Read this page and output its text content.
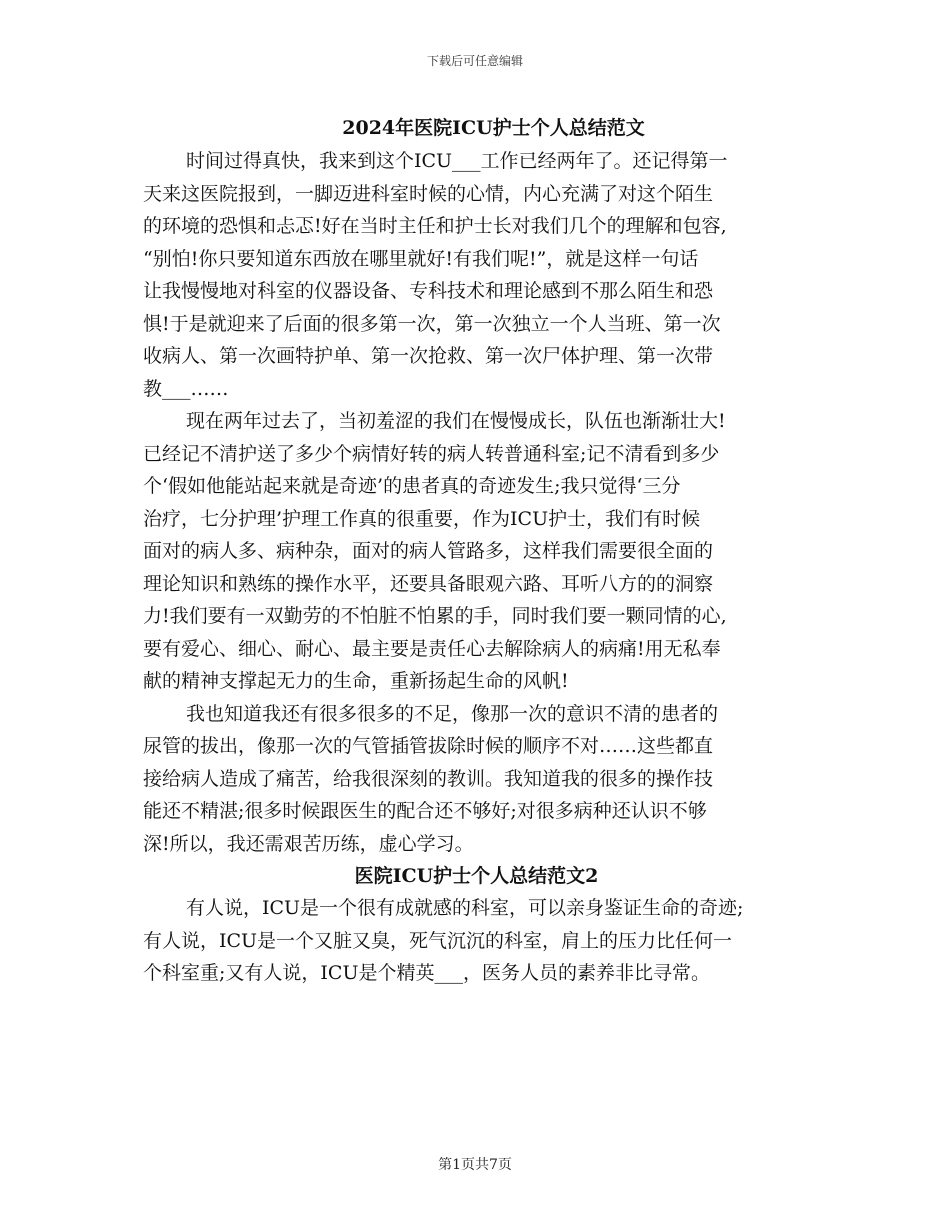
下载后可任意编辑
2024年医院ICU护士个人总结范文
时间过得真快，我来到这个ICU___工作已经两年了。还记得第一
天来这医院报到，一脚迈进科室时候的心情，内心充满了对这个陌生
的环境的恐惧和忐忑!好在当时主任和护士长对我们几个的理解和包容,
“别怕!你只要知道东西放在哪里就好!有我们呢!”，就是这样一句话
让我慢慢地对科室的仪器设备、专科技术和理论感到不那么陌生和恐
惧!于是就迎来了后面的很多第一次，第一次独立一个人当班、第一次
收病人、第一次画特护单、第一次抢救、第一次尸体护理、第一次带
教___……
现在两年过去了，当初羞涩的我们在慢慢成长，队伍也渐渐壮大!
已经记不清护送了多少个病情好转的病人转普通科室;记不清看到多少
个‘假如他能站起来就是奇迹’的患者真的奇迹发生;我只觉得‘三分
治疗，七分护理’护理工作真的很重要，作为ICU护士，我们有时候
面对的病人多、病种杂，面对的病人管路多，这样我们需要很全面的
理论知识和熟练的操作水平，还要具备眼观六路、耳听八方的的洞察
力!我们要有一双勤劳的不怕脏不怕累的手，同时我们要一颗同情的心,
要有爱心、细心、耐心、最主要是责任心去解除病人的病痛!用无私奉
献的精神支撑起无力的生命，重新扬起生命的风帆!
我也知道我还有很多很多的不足，像那一次的意识不清的患者的
尿管的拔出，像那一次的气管插管拔除时候的顺序不对……这些都直
接给病人造成了痛苦，给我很深刻的教训。我知道我的很多的操作技
能还不精湛;很多时候跟医生的配合还不够好;对很多病种还认识不够
深!所以，我还需艰苦历练，虚心学习。
医院ICU护士个人总结范文2
有人说，ICU是一个很有成就感的科室，可以亲身鉴证生命的奇迹;
有人说，ICU是一个又脏又臭，死气沉沉的科室，肩上的压力比任何一
个科室重;又有人说，ICU是个精英___，医务人员的素养非比寻常。
第1页共7页
